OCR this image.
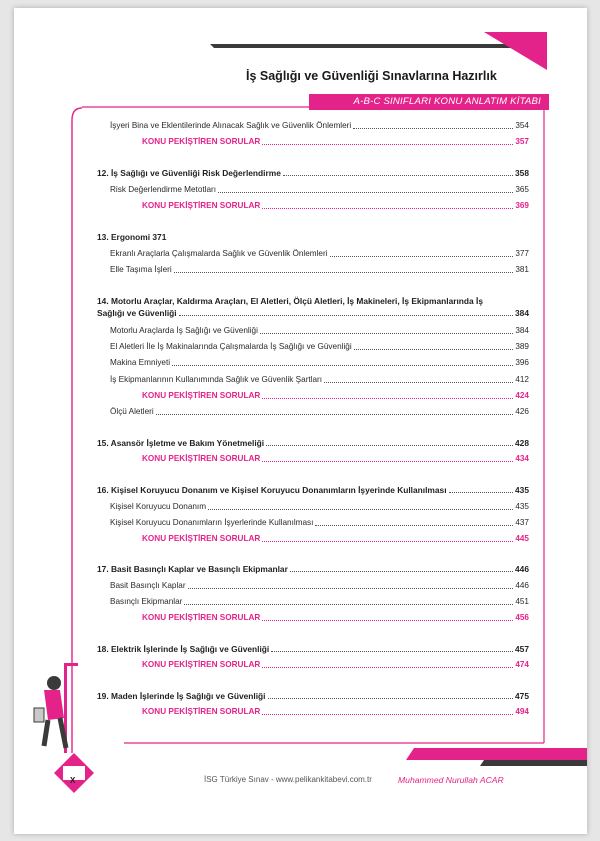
İş Sağlığı ve Güvenliği Sınavlarına Hazırlık
A-B-C SINIFLARI KONU ANLATIM KİTABI
X
İşyeri Bina ve Eklentilerinde Alınacak Sağlık ve Güvenlik Önlemleri	354
KONU PEKİŞTİREN SORULAR	357
12. İş Sağlığı ve Güvenliği Risk Değerlendirme	358
Risk Değerlendirme Metotları	365
KONU PEKİŞTİREN SORULAR	369
13. Ergonomi 371
Ekranlı Araçlarla Çalışmalarda Sağlık ve Güvenlik Önlemleri	377
Elle Taşıma İşleri	381
14. Motorlu Araçlar, Kaldırma Araçları, El Aletleri, Ölçü Aletleri, İş Makineleri, İş Ekipmanlarında İş
Sağlığı ve Güvenliği	384
Motorlu Araçlarda İş Sağlığı ve Güvenliği	384
El Aletleri İle İş Makinalarında Çalışmalarda İş Sağlığı ve Güvenliği	389
Makina Emniyeti	396
İş Ekipmanlarının Kullanımında Sağlık ve Güvenlik Şartları	412
KONU PEKİŞTİREN SORULAR	424
Ölçü Aletleri	426
15. Asansör İşletme ve Bakım Yönetmeliği	428
KONU PEKİŞTİREN SORULAR	434
16. Kişisel Koruyucu Donanım ve Kişisel Koruyucu Donanımların İşyerinde Kullanılması	435
Kişisel Koruyucu Donanım	435
Kişisel Koruyucu Donanımların İşyerlerinde Kullanılması	437
KONU PEKİŞTİREN SORULAR	445
17. Basit Basınçlı Kaplar ve Basınçlı Ekipmanlar	446
Basit Basınçlı Kaplar	446
Basınçlı Ekipmanlar	451
KONU PEKİŞTİREN SORULAR	456
18. Elektrik İşlerinde İş Sağlığı ve Güvenliği	457
KONU PEKİŞTİREN SORULAR	474
19. Maden İşlerinde İş Sağlığı ve Güvenliği	475
KONU PEKİŞTİREN SORULAR	494
İSG Türkiye Sınav - www.pelikankitabevi.com.tr	Muhammed Nurullah ACAR
